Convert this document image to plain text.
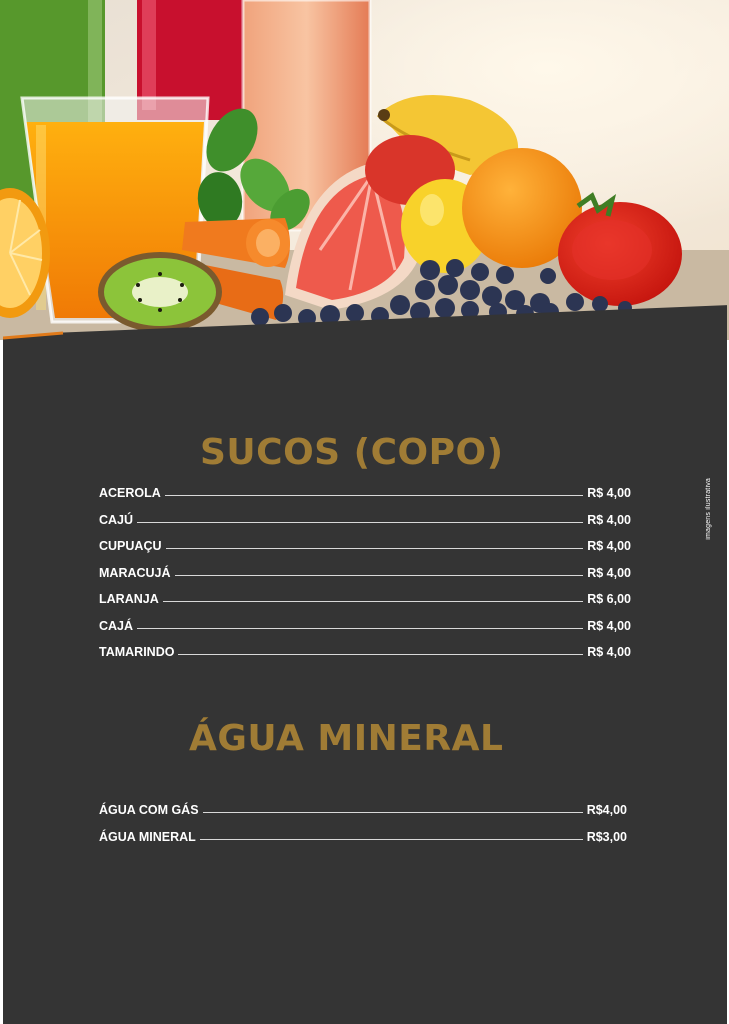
SUCOS (COPO)
ACEROLA	R$ 4,00
CAJÚ	R$ 4,00
CUPUAÇU	R$ 4,00
MARACUJÁ	R$ 4,00
LARANJA	R$ 6,00
CAJÁ	R$ 4,00
TAMARINDO	R$ 4,00
ÁGUA MINERAL
ÁGUA COM GÁS	R$4,00
ÁGUA MINERAL	R$3,00
imagens ilustrativa
